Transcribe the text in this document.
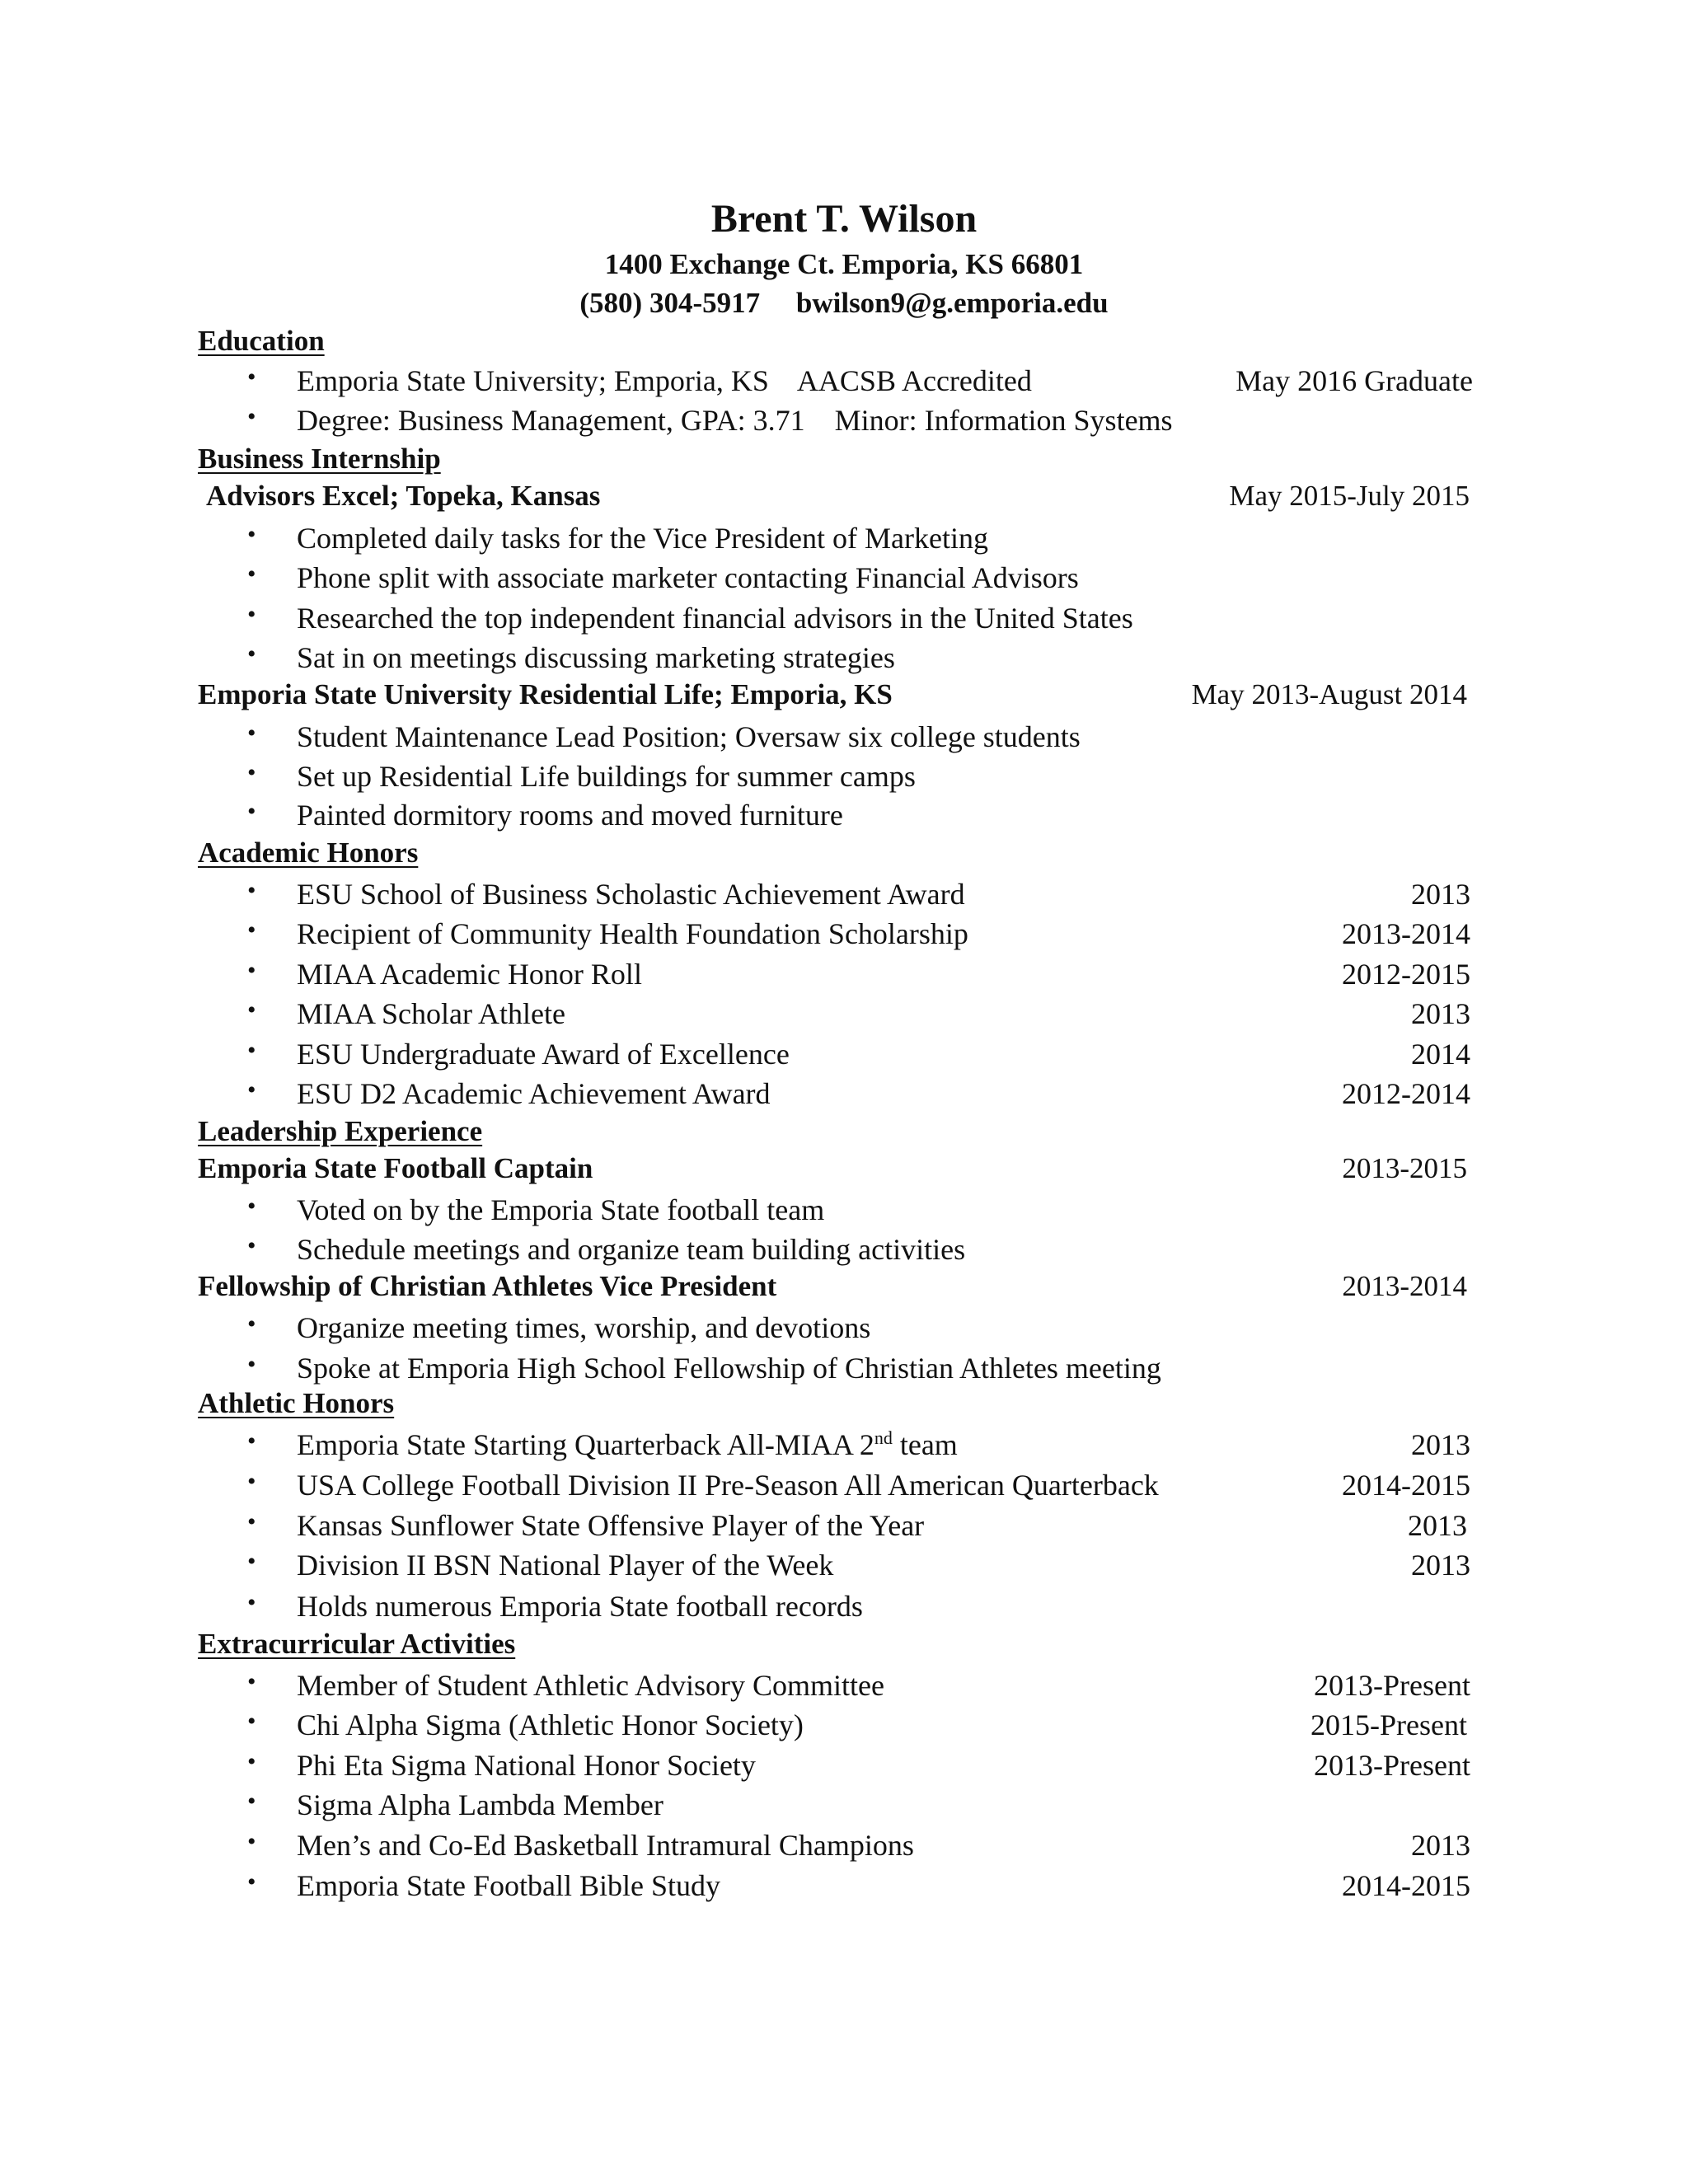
Brent T. Wilson
1400 Exchange Ct. Emporia, KS 66801
(580) 304-5917 bwilson9@g.emporia.edu
Education
• Emporia State University; Emporia, KS    AACSB Accredited	May 2016 Graduate
• Degree: Business Management, GPA: 3.71    Minor: Information Systems
Business Internship
Advisors Excel; Topeka, Kansas	May 2015-July 2015
• Completed daily tasks for the Vice President of Marketing
• Phone split with associate marketer contacting Financial Advisors
• Researched the top independent financial advisors in the United States
• Sat in on meetings discussing marketing strategies
Emporia State University Residential Life; Emporia, KS	May 2013-August 2014
• Student Maintenance Lead Position; Oversaw six college students
• Set up Residential Life buildings for summer camps
• Painted dormitory rooms and moved furniture
Academic Honors
• ESU School of Business Scholastic Achievement Award	2013
• Recipient of Community Health Foundation Scholarship	2013-2014
• MIAA Academic Honor Roll	2012-2015
• MIAA Scholar Athlete	2013
• ESU Undergraduate Award of Excellence	2014
• ESU D2 Academic Achievement Award	2012-2014
Leadership Experience
Emporia State Football Captain	2013-2015
• Voted on by the Emporia State football team
• Schedule meetings and organize team building activities
Fellowship of Christian Athletes Vice President	2013-2014
• Organize meeting times, worship, and devotions
• Spoke at Emporia High School Fellowship of Christian Athletes meeting
Athletic Honors
• Emporia State Starting Quarterback All-MIAA 2nd team	2013
• USA College Football Division II Pre-Season All American Quarterback	2014-2015
• Kansas Sunflower State Offensive Player of the Year	2013
• Division II BSN National Player of the Week	2013
• Holds numerous Emporia State football records
Extracurricular Activities
• Member of Student Athletic Advisory Committee	2013-Present
• Chi Alpha Sigma (Athletic Honor Society)	2015-Present
• Phi Eta Sigma National Honor Society	2013-Present
• Sigma Alpha Lambda Member
• Men’s and Co-Ed Basketball Intramural Champions	2013
• Emporia State Football Bible Study	2014-2015
